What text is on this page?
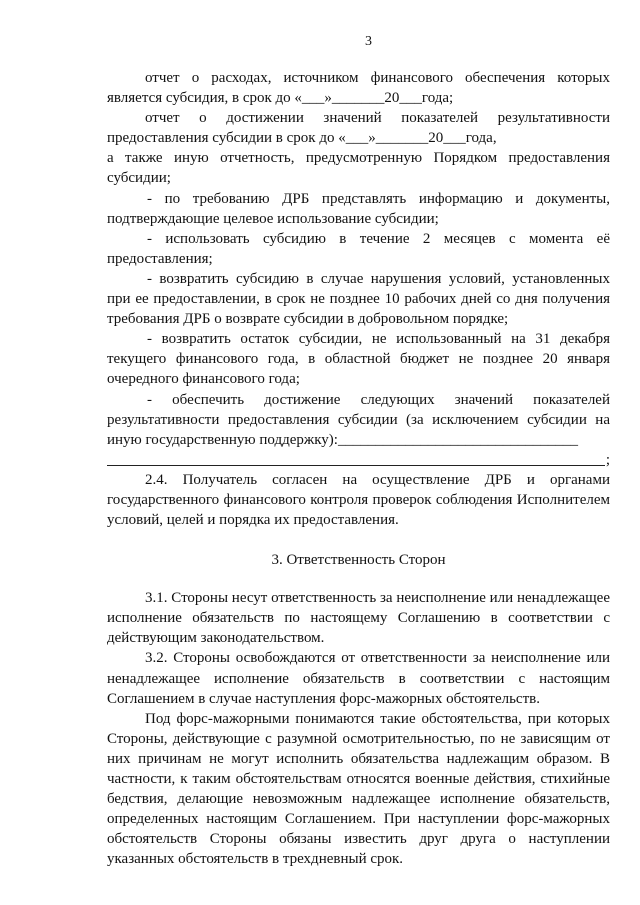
3

отчет о расходах, источником финансового обеспечения которых является субсидия, в срок до «___»_______20___года;

отчет о достижении значений показателей результативности предоставления субсидии в срок до «___»_______20___года,

а также иную отчетность, предусмотренную Порядком предоставления субсидии;

- по требованию ДРБ представлять информацию и документы, подтверждающие целевое использование субсидии;

- использовать субсидию в течение 2 месяцев с момента её предоставления;

- возвратить субсидию в случае нарушения условий, установленных при ее предоставлении, в срок не позднее 10 рабочих дней со дня получения требования ДРБ о возврате субсидии в добровольном порядке;

- возвратить остаток субсидии, не использованный на 31 декабря текущего финансового года, в областной бюджет не позднее 20 января очередного финансового года;

- обеспечить достижение следующих значений показателей результативности предоставления субсидии (за исключением субсидии на иную государственную поддержку):________________________________

;

2.4. Получатель согласен на осуществление ДРБ и органами государственного финансового контроля проверок соблюдения Исполнителем условий, целей и порядка их предоставления.

3. Ответственность Сторон

3.1. Стороны несут ответственность за неисполнение или ненадлежащее исполнение обязательств по настоящему Соглашению в соответствии с действующим законодательством.

3.2. Стороны освобождаются от ответственности за неисполнение или ненадлежащее исполнение обязательств в соответствии с настоящим Соглашением в случае наступления форс-мажорных обстоятельств.

Под форс-мажорными понимаются такие обстоятельства, при которых Стороны, действующие с разумной осмотрительностью, по не зависящим от них причинам не могут исполнить обязательства надлежащим образом. В частности, к таким обстоятельствам относятся военные действия, стихийные бедствия, делающие невозможным надлежащее исполнение обязательств, определенных настоящим Соглашением. При наступлении форс-мажорных обстоятельств Стороны обязаны известить друг друга о наступлении указанных обстоятельств в трехдневный срок.
